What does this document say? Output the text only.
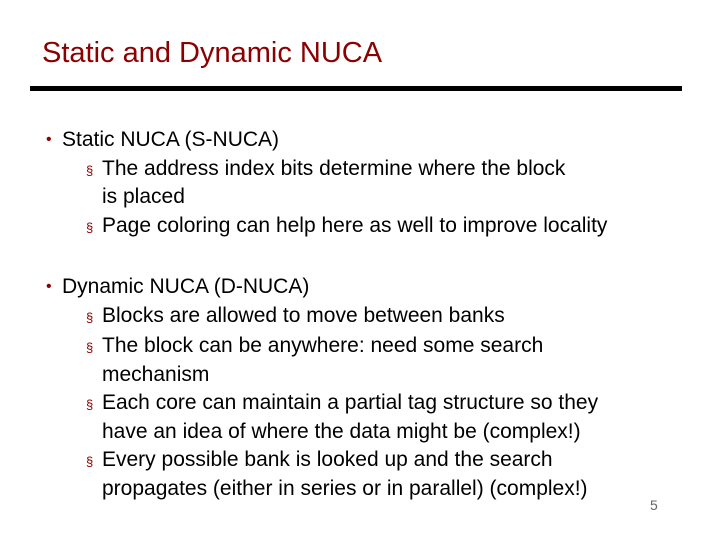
Static and Dynamic NUCA
• Static NUCA (S-NUCA)
§ The address index bits determine where the block
is placed
§ Page coloring can help here as well to improve locality
• Dynamic NUCA (D-NUCA)
§ Blocks are allowed to move between banks
§ The block can be anywhere: need some search
mechanism
§ Each core can maintain a partial tag structure so they
have an idea of where the data might be (complex!)
§ Every possible bank is looked up and the search
propagates (either in series or in parallel) (complex!)
5
